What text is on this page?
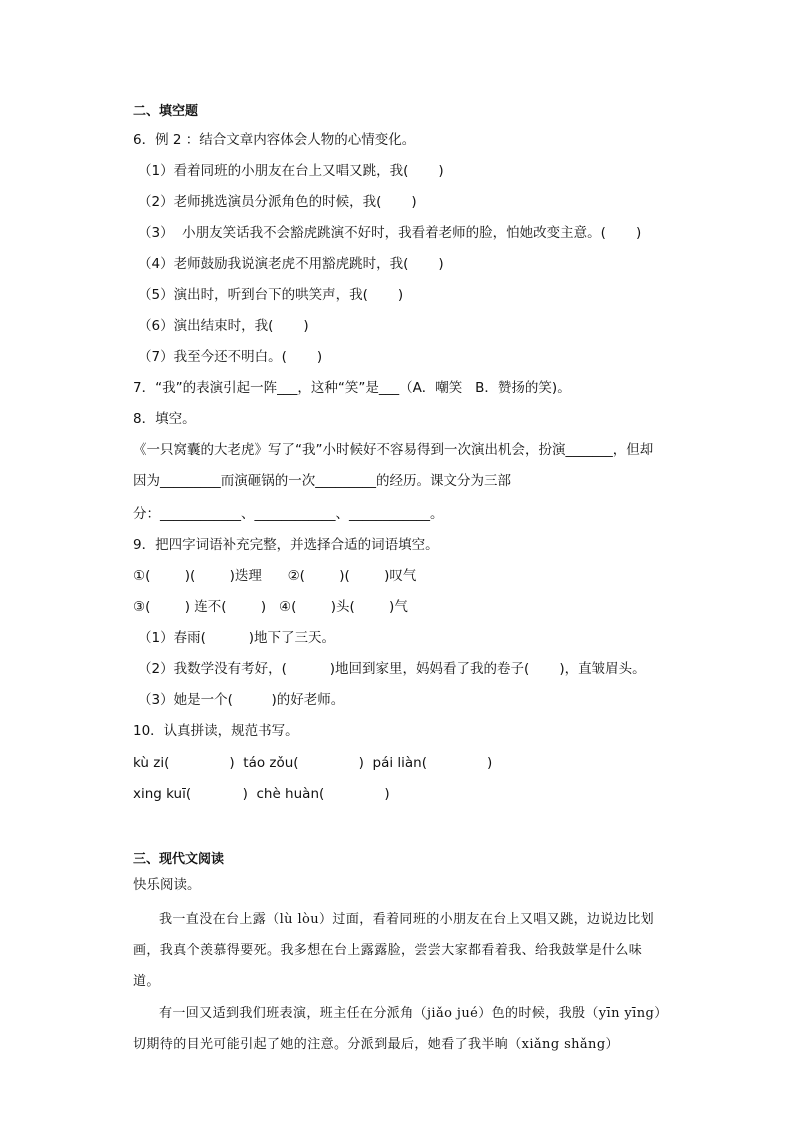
二、填空题
6．例 2 ：结合文章内容体会人物的心情变化。
（1）看着同班的小朋友在台上又唱又跳，我(       )
（2）老师挑选演员分派角色的时候，我(       )
（3）  小朋友笑话我不会豁虎跳演不好时，我看着老师的脸，怕她改变主意。(       )
（4）老师鼓励我说演老虎不用豁虎跳时，我(       )
（5）演出时，听到台下的哄笑声，我(       )
（6）演出结束时，我(       )
（7）我至今还不明白。(       )
7．“我”的表演引起一阵___，这种“笑”是___（A．嘲笑   B．赞扬的笑)。
8．填空。
《一只窝囊的大老虎》写了“我”小时候好不容易得到一次演出机会，扮演_______，但却
因为_________而演砸锅的一次_________的经历。课文分为三部
分：____________、____________、____________。
9．把四字词语补充完整，并选择合适的词语填空。
①(        )(        )迭理      ②(        )(        )叹气
③(        ) 连不(        )   ④(        )头(        )气
（1）春雨(          )地下了三天。
（2）我数学没有考好，(          )地回到家里，妈妈看了我的卷子(       )，直皱眉头。
（3）她是一个(         )的好老师。
10．认真拼读，规范书写。
kù zi(              )  táo zǒu(              )  pái liàn(              )
xing kuī(            )  chè huàn(              )
三、现代文阅读
快乐阅读。
我一直没在台上露（lù lòu）过面，看着同班的小朋友在台上又唱又跳，边说边比划画，我真个羡慕得要死。我多想在台上露露脸，尝尝大家都看着我、给我鼓掌是什么味道。
有一回又适到我们班表演，班主任在分派角（jiǎo jué）色的时候，我殷（yīn yīng）切期待的目光可能引起了她的注意。分派到最后，她看了我半晌（xiǎng shǎng）
